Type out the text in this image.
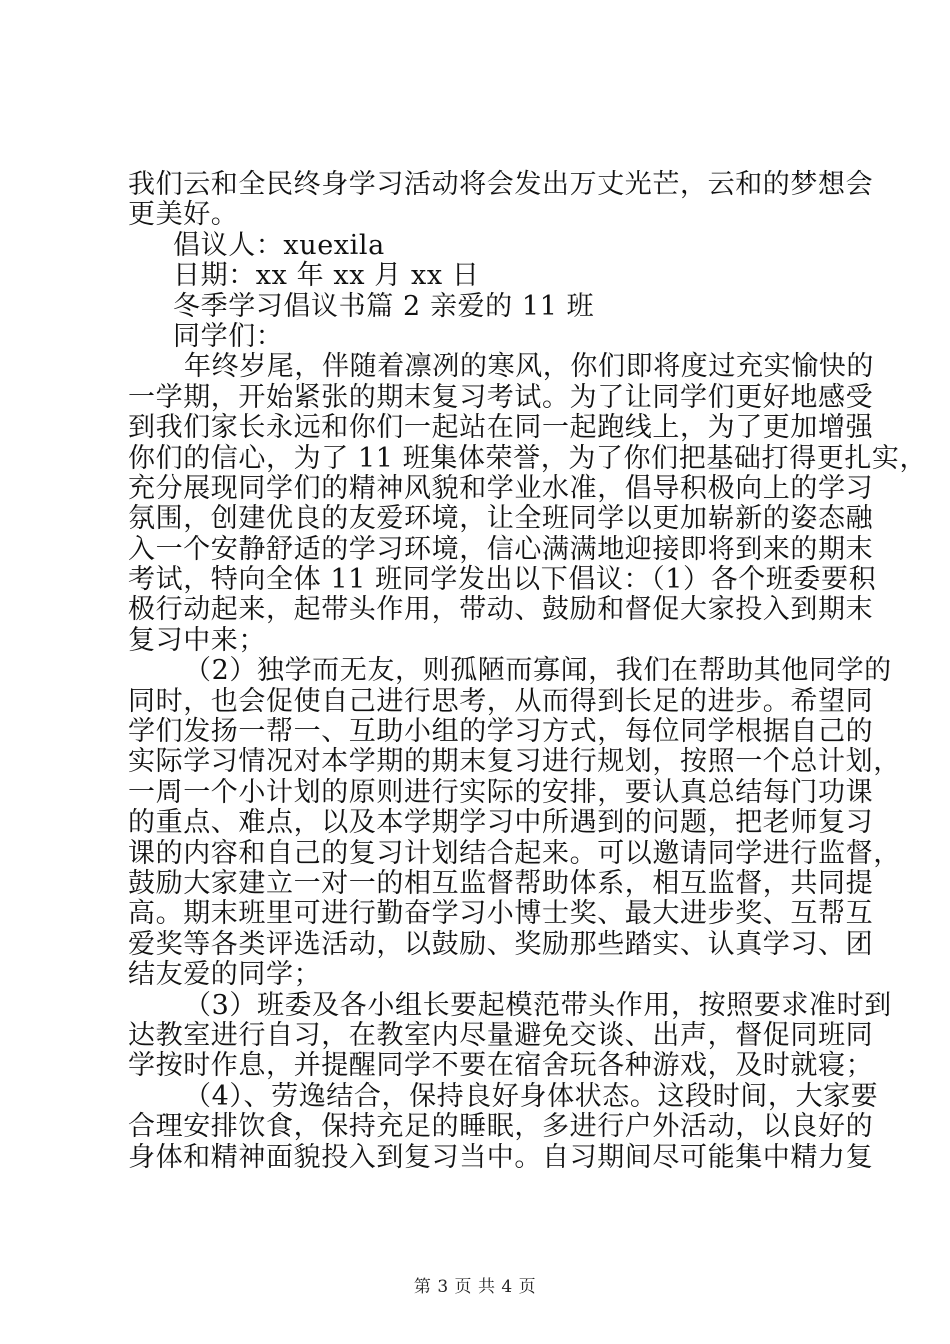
我们云和全民终身学习活动将会发出万丈光芒，云和的梦想会
更美好。
倡议人：xuexila
日期：xx 年 xx 月 xx 日
冬季学习倡议书篇 2 亲爱的 11 班
同学们：
年终岁尾，伴随着凛冽的寒风，你们即将度过充实愉快的
一学期，开始紧张的期末复习考试。为了让同学们更好地感受
到我们家长永远和你们一起站在同一起跑线上，为了更加增强
你们的信心，为了 11 班集体荣誉，为了你们把基础打得更扎实，
充分展现同学们的精神风貌和学业水准，倡导积极向上的学习
氛围，创建优良的友爱环境，让全班同学以更加崭新的姿态融
入一个安静舒适的学习环境，信心满满地迎接即将到来的期末
考试，特向全体 11 班同学发出以下倡议：（1）各个班委要积
极行动起来，起带头作用，带动、鼓励和督促大家投入到期末
复习中来；
（2）独学而无友，则孤陋而寡闻，我们在帮助其他同学的
同时，也会促使自己进行思考，从而得到长足的进步。希望同
学们发扬一帮一、互助小组的学习方式，每位同学根据自己的
实际学习情况对本学期的期末复习进行规划，按照一个总计划，
一周一个小计划的原则进行实际的安排，要认真总结每门功课
的重点、难点，以及本学期学习中所遇到的问题，把老师复习
课的内容和自己的复习计划结合起来。可以邀请同学进行监督，
鼓励大家建立一对一的相互监督帮助体系，相互监督，共同提
高。期末班里可进行勤奋学习小博士奖、最大进步奖、互帮互
爱奖等各类评选活动，以鼓励、奖励那些踏实、认真学习、团
结友爱的同学；
（3）班委及各小组长要起模范带头作用，按照要求准时到
达教室进行自习，在教室内尽量避免交谈、出声，督促同班同
学按时作息，并提醒同学不要在宿舍玩各种游戏，及时就寝；
（4）、劳逸结合，保持良好身体状态。这段时间，大家要
合理安排饮食，保持充足的睡眠，多进行户外活动，以良好的
身体和精神面貌投入到复习当中。自习期间尽可能集中精力复
第 3 页 共 4 页
